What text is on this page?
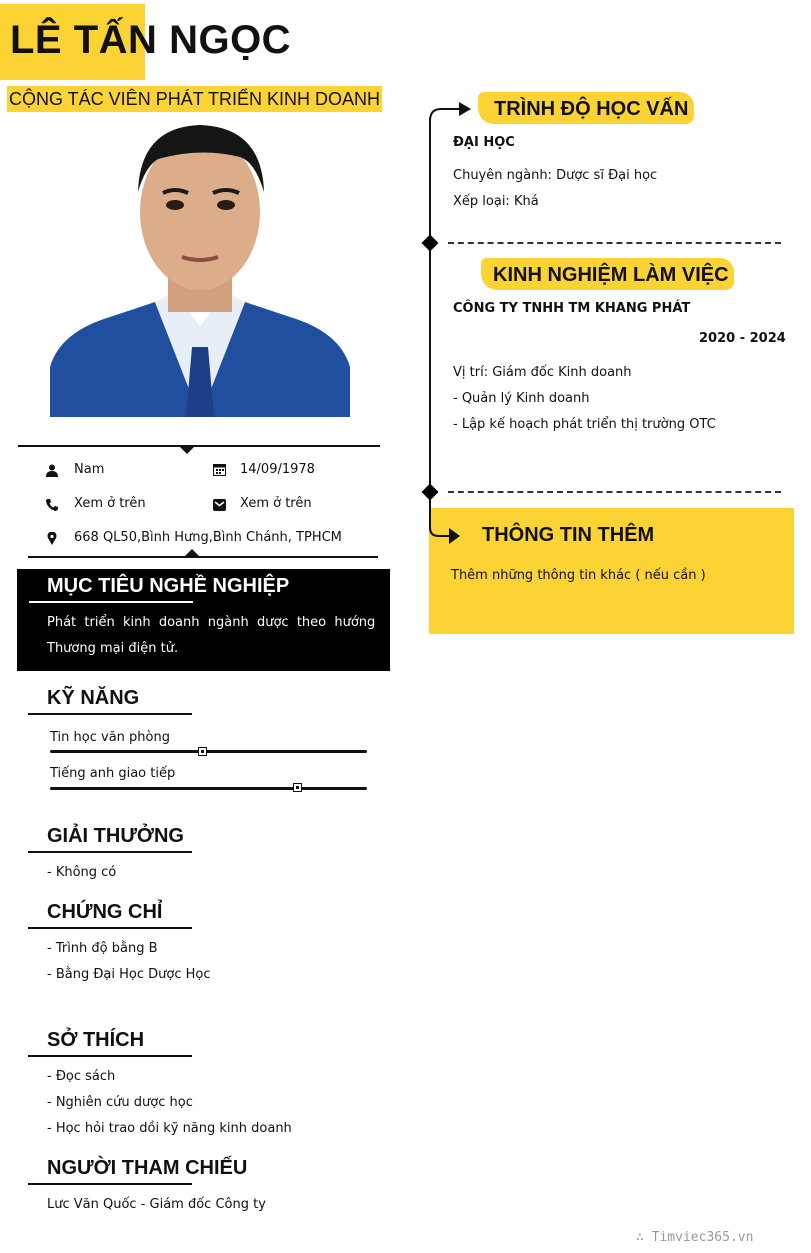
LÊ TẤN NGỌC
CỘNG TÁC VIÊN PHÁT TRIỂN KINH DOANH
Nam	14/09/1978
Xem ở trên	Xem ở trên
668 QL50,Bình Hưng,Bình Chánh, TPHCM
MỤC TIÊU NGHỀ NGHIỆP
Phát  triển  kinh  doanh  ngành  dược  theo  hướng
Thương mại điện tử.
KỸ NĂNG
Tin học văn phòng
Tiếng anh giao tiếp
GIẢI THƯỞNG
- Không có
CHỨNG CHỈ
- Trình độ bằng B
- Bằng Đại Học Dược Học
SỞ THÍCH
- Đọc sách
- Nghiên cứu dược học
- Học hỏi trao dồi kỹ năng kinh doanh
NGƯỜI THAM CHIẾU
Lưc Văn Quốc - Giám đốc Công ty
TRÌNH ĐỘ HỌC VẤN
ĐẠI HỌC
Chuyên ngành: Dược sĩ Đại học
Xếp loại: Khá
KINH NGHIỆM LÀM VIỆC
CÔNG TY TNHH TM KHANG PHÁT
2020 - 2024
Vị trí: Giám đốc Kinh doanh
- Quản lý Kinh doanh
- Lập kế hoạch phát triển thị trường OTC
THÔNG TIN THÊM
Thêm những thông tin khác ( nếu cần )
∴ Timviec365.vn
